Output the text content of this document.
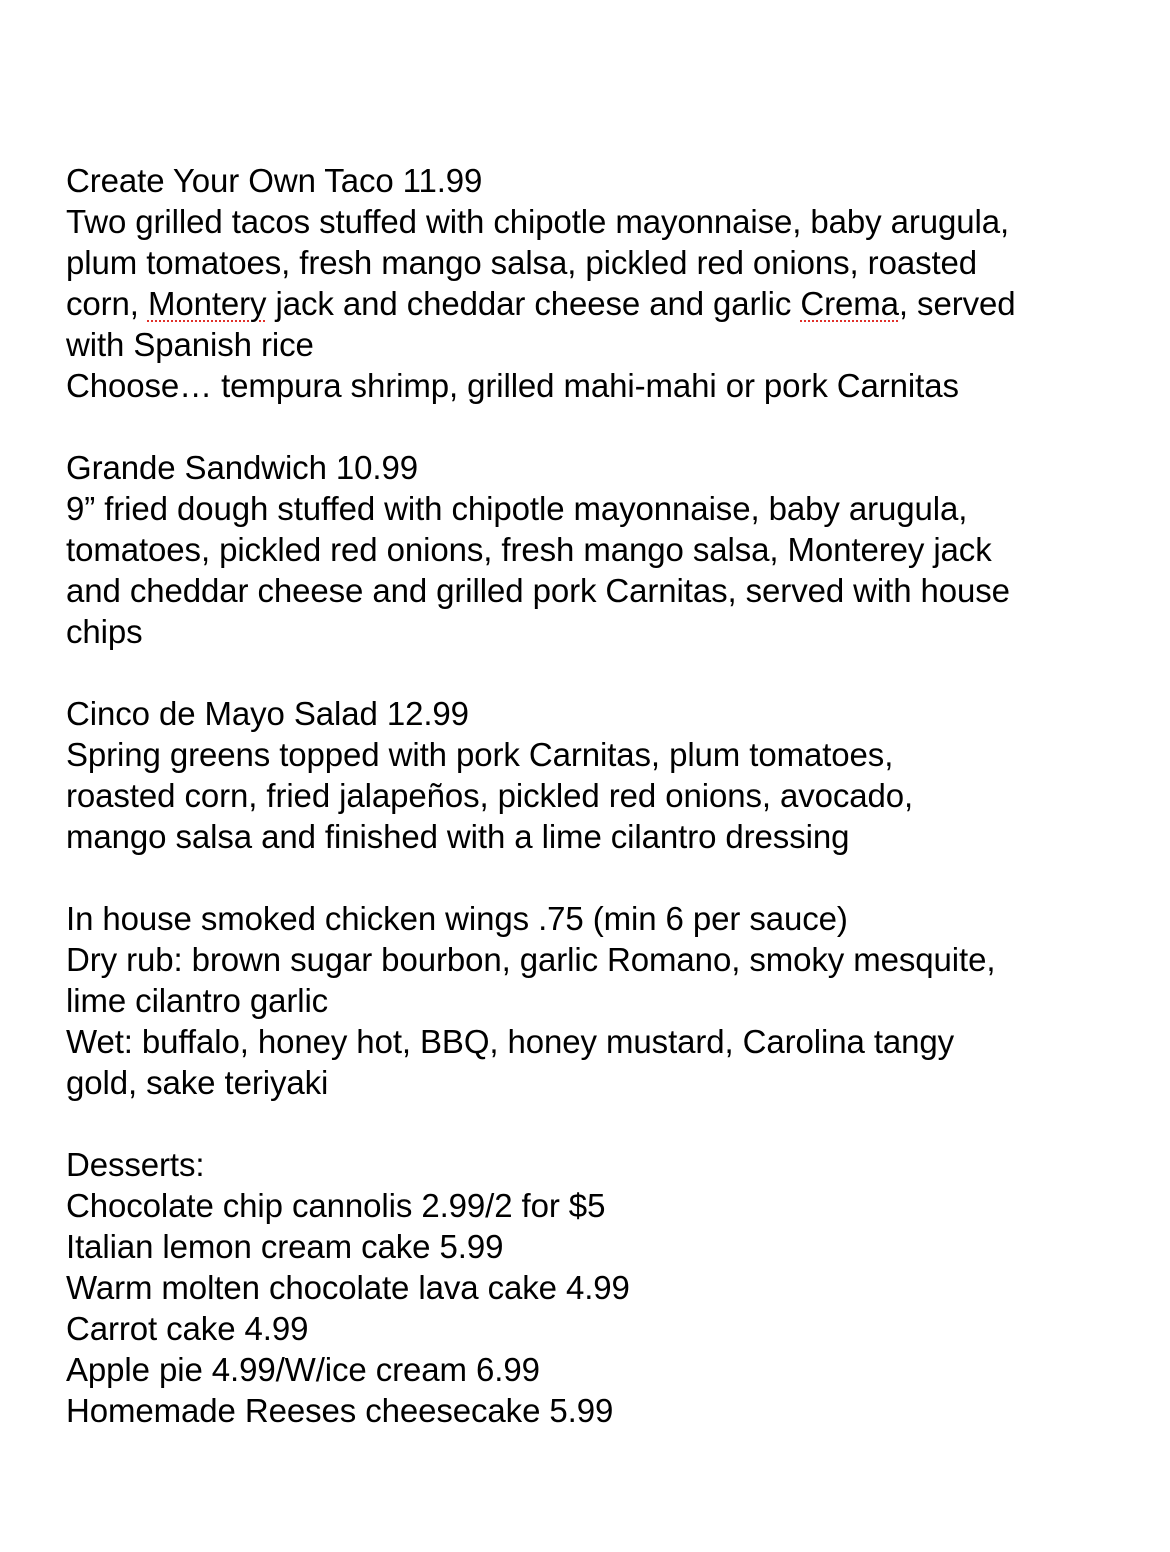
Create Your Own Taco 11.99

Two grilled tacos stuffed with chipotle mayonnaise, baby arugula,

plum tomatoes, fresh mango salsa, pickled red onions, roasted

corn, Montery jack and cheddar cheese and garlic Crema, served

with Spanish rice

Choose… tempura shrimp, grilled mahi-mahi or pork Carnitas

Grande Sandwich 10.99

9” fried dough stuffed with chipotle mayonnaise, baby arugula,

tomatoes, pickled red onions, fresh mango salsa, Monterey jack

and cheddar cheese and grilled pork Carnitas, served with house

chips

Cinco de Mayo Salad 12.99

Spring greens topped with pork Carnitas, plum tomatoes,

roasted corn, fried jalapeños, pickled red onions, avocado,

mango salsa and finished with a lime cilantro dressing

In house smoked chicken wings .75 (min 6 per sauce)

Dry rub: brown sugar bourbon, garlic Romano, smoky mesquite,

lime cilantro garlic

Wet: buffalo, honey hot, BBQ, honey mustard, Carolina tangy

gold, sake teriyaki

Desserts:

Chocolate chip cannolis 2.99/2 for $5

Italian lemon cream cake 5.99

Warm molten chocolate lava cake 4.99

Carrot cake 4.99

Apple pie 4.99/W/ice cream 6.99

Homemade Reeses cheesecake 5.99
